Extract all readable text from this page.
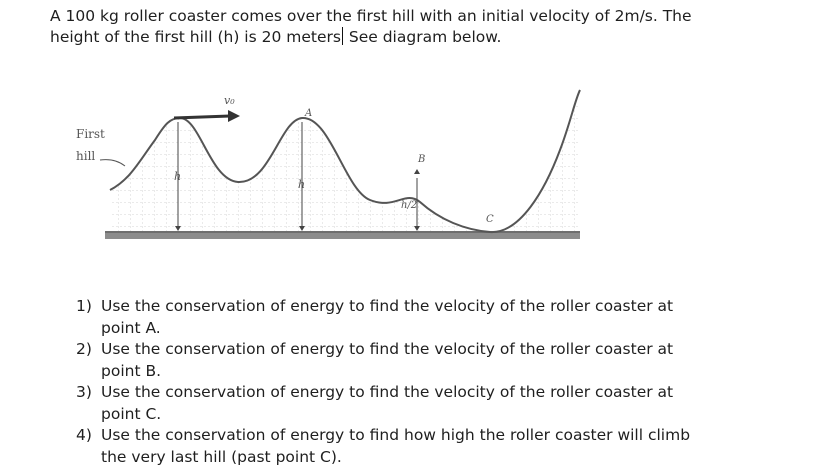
A 100 kg roller coaster comes over the first hill with an initial velocity of 2m/s. The
height of the first hill (h) is 20 meters See diagram below.
First
hill
v₀
h
h
h/2
A
B
C
1) Use the conservation of energy to find the velocity of the roller coaster at
point A.
2) Use the conservation of energy to find the velocity of the roller coaster at
point B.
3) Use the conservation of energy to find the velocity of the roller coaster at
point C.
4) Use the conservation of energy to find how high the roller coaster will climb
the very last hill (past point C).
